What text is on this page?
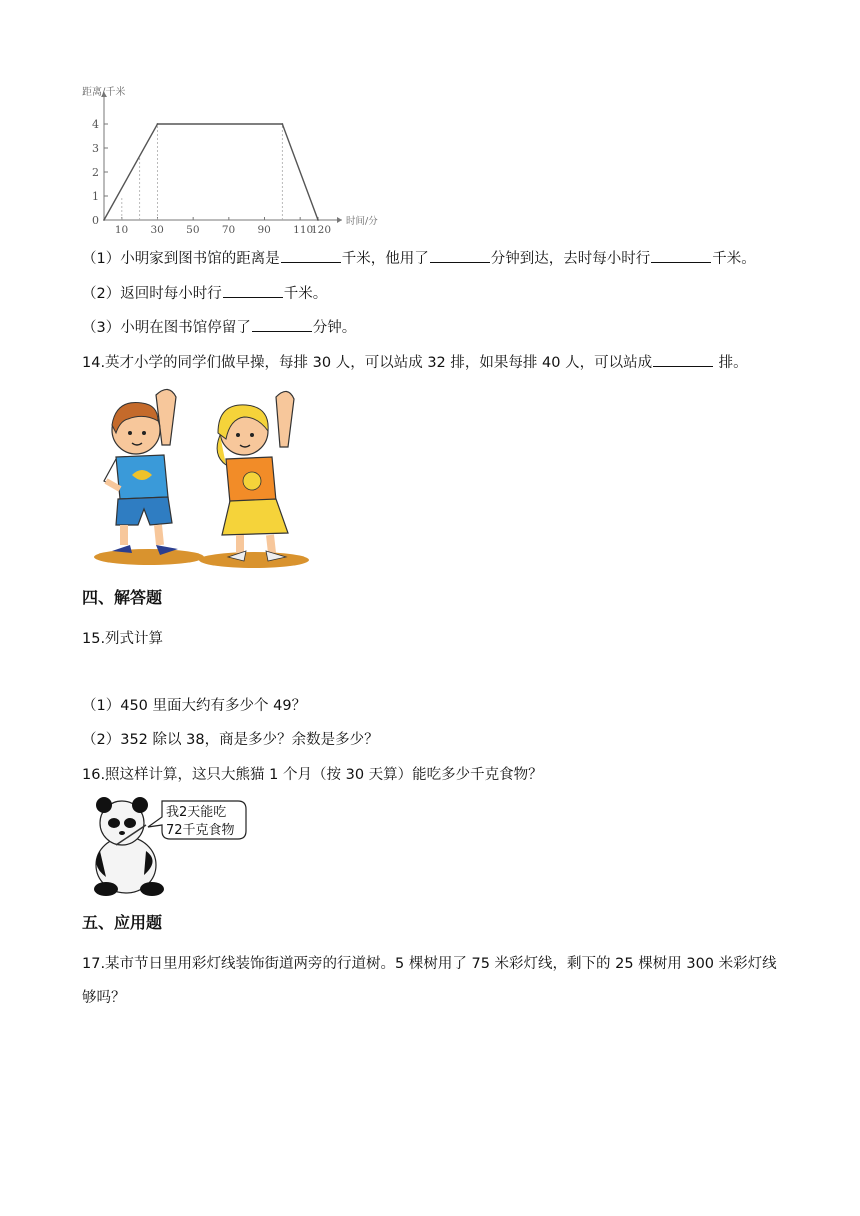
距离/千米
时间/分
0
1
2
3
4
10 30 50 70 90 110
120
（1）小明家到图书馆的距离是	千米，他用了	分钟到达，去时每小时行	千米。
（2）返回时每小时行	千米。
（3）小明在图书馆停留了	分钟。
14.英才小学的同学们做早操，每排 30 人，可以站成 32 排，如果每排 40 人，可以站成	排。
四、解答题
15.列式计算
（1）450 里面大约有多少个 49？
（2）352 除以 38，商是多少？余数是多少？
16.照这样计算，这只大熊猫 1 个月（按 30 天算）能吃多少千克食物？
我2天能吃
72千克食物
五、应用题
17.某市节日里用彩灯线装饰街道两旁的行道树。5 棵树用了 75 米彩灯线，剩下的 25 棵树用 300 米彩灯线
够吗？
